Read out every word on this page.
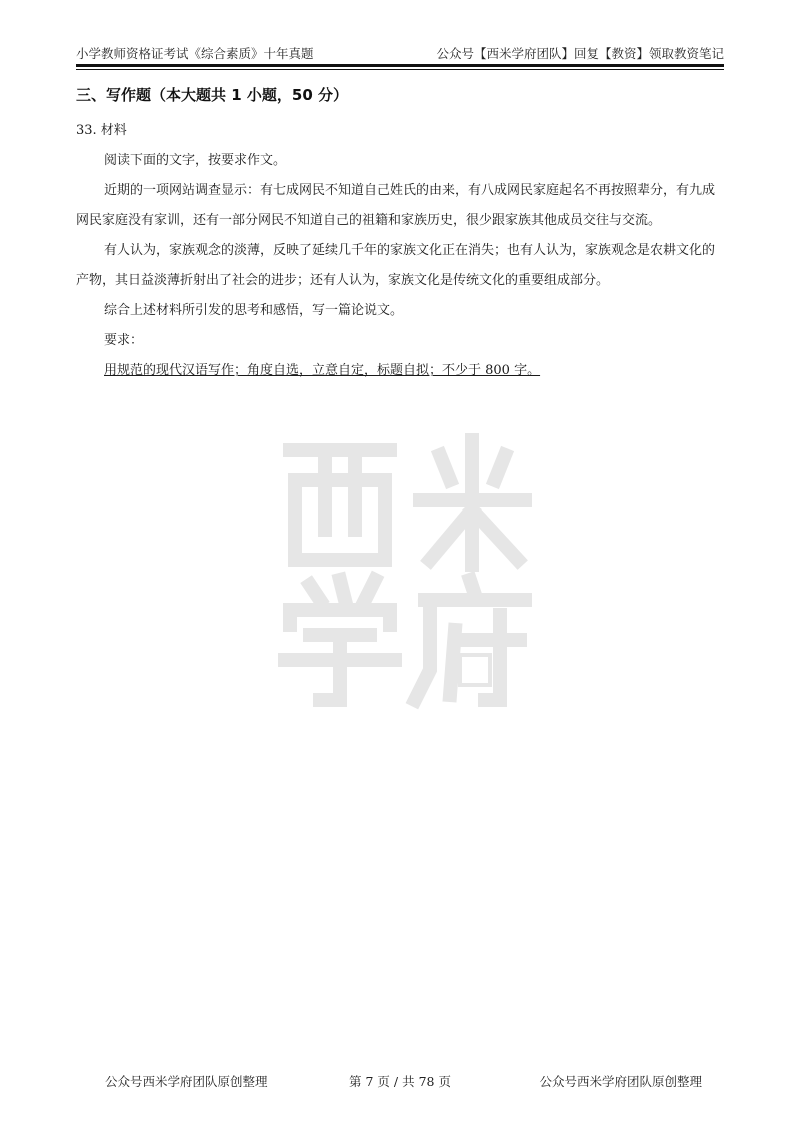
小学教师资格证考试《综合素质》十年真题	公众号【西米学府团队】回复【教资】领取教资笔记
三、写作题（本大题共 1 小题，50 分）

33. 材料

阅读下面的文字，按要求作文。

近期的一项网站调查显示：有七成网民不知道自己姓氏的由来，有八成网民家庭起名不再按照辈分，有九成网民家庭没有家训，还有一部分网民不知道自己的祖籍和家族历史，很少跟家族其他成员交往与交流。

有人认为，家族观念的淡薄，反映了延续几千年的家族文化正在消失；也有人认为，家族观念是农耕文化的产物，其日益淡薄折射出了社会的进步；还有人认为，家族文化是传统文化的重要组成部分。

综合上述材料所引发的思考和感悟，写一篇论说文。

要求：

用规范的现代汉语写作；角度自选，立意自定，标题自拟；不少于 800 字。

公众号西米学府团队原创整理	第 7 页 / 共 78 页	公众号西米学府团队原创整理
